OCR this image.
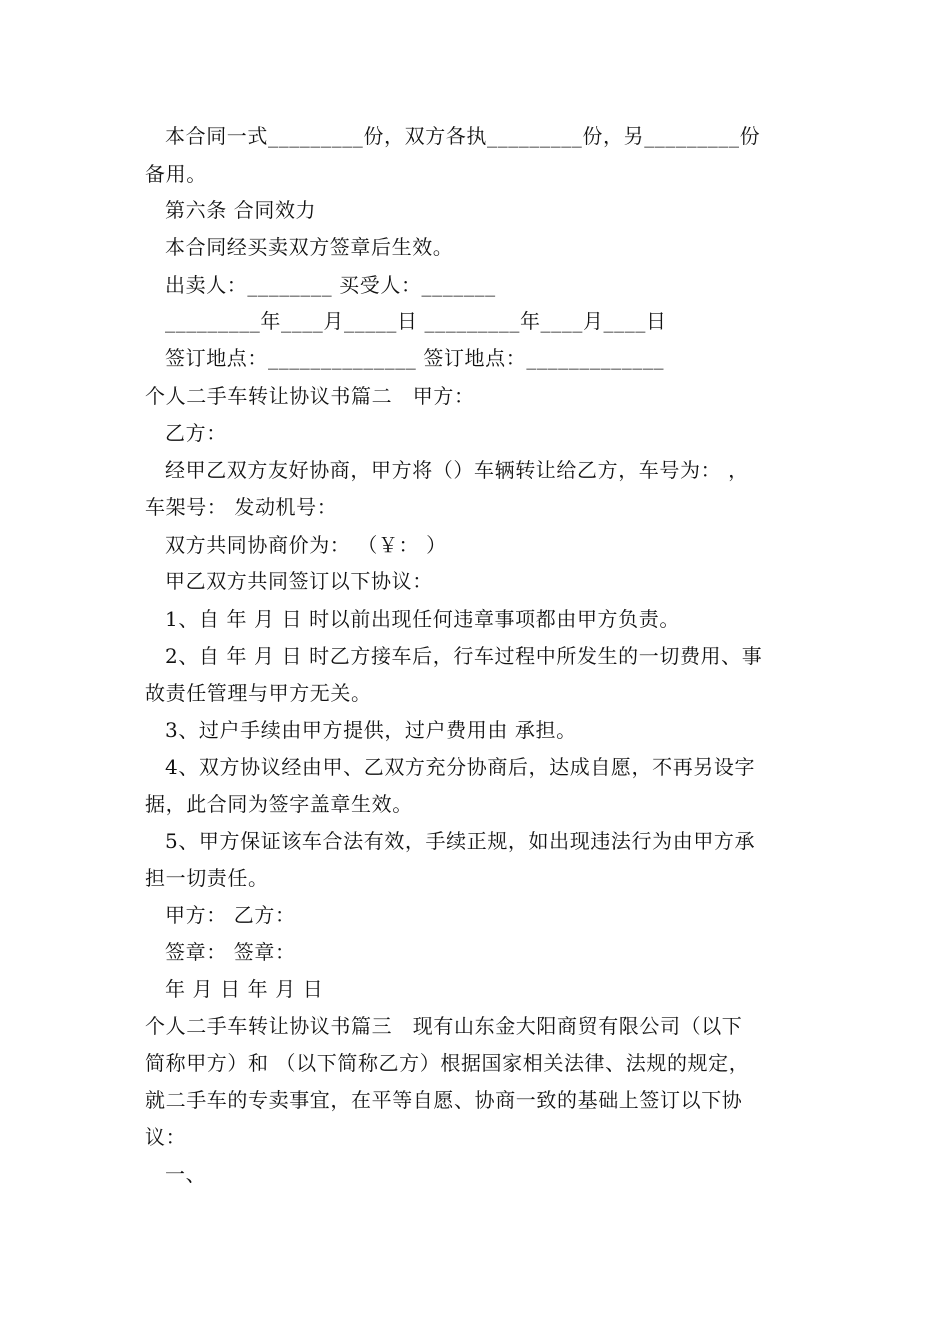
本合同一式_________份，双方各执_________份，另_________份
备用。
第六条 合同效力
本合同经买卖双方签章后生效。
出卖人：________ 买受人：_______
_________年____月_____日 _________年____月____日
签订地点：______________ 签订地点：_____________
个人二手车转让协议书篇二　甲方：
乙方：
经甲乙双方友好协商，甲方将（）车辆转让给乙方，车号为： ，
车架号： 发动机号：
双方共同协商价为： （￥： ）
甲乙双方共同签订以下协议：
1、自 年 月 日 时以前出现任何违章事项都由甲方负责。
2、自 年 月 日 时乙方接车后，行车过程中所发生的一切费用、事
故责任管理与甲方无关。
3、过户手续由甲方提供，过户费用由 承担。
4、双方协议经由甲、乙双方充分协商后，达成自愿，不再另设字
据，此合同为签字盖章生效。
5、甲方保证该车合法有效，手续正规，如出现违法行为由甲方承
担一切责任。
甲方： 乙方：
签章： 签章：
年 月 日 年 月 日
个人二手车转让协议书篇三　现有山东金大阳商贸有限公司（以下
简称甲方）和 （以下简称乙方）根据国家相关法律、法规的规定，
就二手车的专卖事宜，在平等自愿、协商一致的基础上签订以下协
议：
一、
